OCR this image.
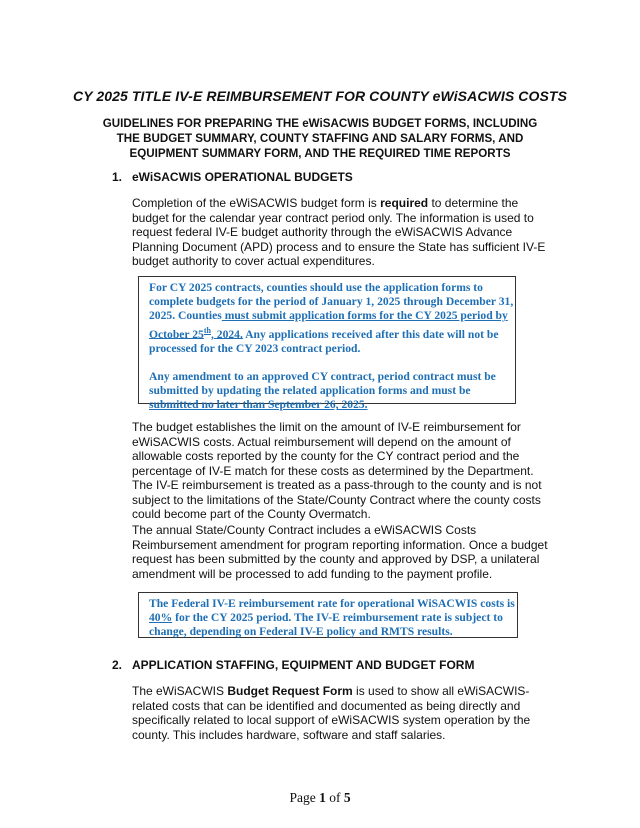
CY 2025 TITLE IV-E REIMBURSEMENT FOR COUNTY eWiSACWIS COSTS
GUIDELINES FOR PREPARING THE eWiSACWIS BUDGET FORMS, INCLUDING THE BUDGET SUMMARY, COUNTY STAFFING AND SALARY FORMS, AND EQUIPMENT SUMMARY FORM, AND THE REQUIRED TIME REPORTS
1. eWiSACWIS OPERATIONAL BUDGETS
Completion of the eWiSACWIS budget form is required to determine the budget for the calendar year contract period only. The information is used to request federal IV-E budget authority through the eWiSACWIS Advance Planning Document (APD) process and to ensure the State has sufficient IV-E budget authority to cover actual expenditures.

For CY 2025 contracts, counties should use the application forms to complete budgets for the period of January 1, 2025 through December 31, 2025. Counties must submit application forms for the CY 2025 period by October 25th, 2024. Any applications received after this date will not be processed for the CY 2023 contract period.

Any amendment to an approved CY contract, period contract must be submitted by updating the related application forms and must be submitted no later than September 26, 2025.

The budget establishes the limit on the amount of IV-E reimbursement for eWiSACWIS costs. Actual reimbursement will depend on the amount of allowable costs reported by the county for the CY contract period and the percentage of IV-E match for these costs as determined by the Department. The IV-E reimbursement is treated as a pass-through to the county and is not subject to the limitations of the State/County Contract where the county costs could become part of the County Overmatch.
The annual State/County Contract includes a eWiSACWIS Costs Reimbursement amendment for program reporting information. Once a budget request has been submitted by the county and approved by DSP, a unilateral amendment will be processed to add funding to the payment profile.

The Federal IV-E reimbursement rate for operational WiSACWIS costs is 40% for the CY 2025 period. The IV-E reimbursement rate is subject to change, depending on Federal IV-E policy and RMTS results.

2. APPLICATION STAFFING, EQUIPMENT AND BUDGET FORM
The eWiSACWIS Budget Request Form is used to show all eWiSACWIS-related costs that can be identified and documented as being directly and specifically related to local support of eWiSACWIS system operation by the county. This includes hardware, software and staff salaries.
Page 1 of 5
